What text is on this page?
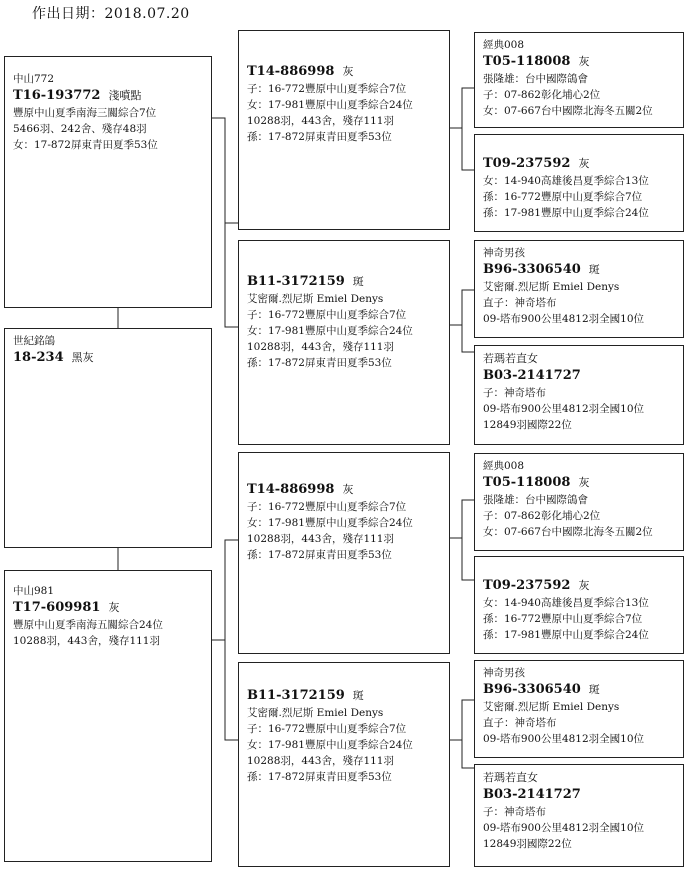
作出日期：2018.07.20
中山772
T16-193772 淺噴點
豐原中山夏季南海三關綜合7位
5466羽、242舍、殘存48羽
女：17-872屏東青田夏季53位
世紀銘鴿
18-234 黑灰
中山981
T17-609981 灰
豐原中山夏季南海五關綜合24位
10288羽，443舍，殘存111羽
T14-886998 灰
子：16-772豐原中山夏季綜合7位
女：17-981豐原中山夏季綜合24位
10288羽，443舍，殘存111羽
孫：17-872屏東青田夏季53位
B11-3172159 斑
艾密爾.烈尼斯 Emiel Denys
子：16-772豐原中山夏季綜合7位
女：17-981豐原中山夏季綜合24位
10288羽，443舍，殘存111羽
孫：17-872屏東青田夏季53位
T14-886998 灰
子：16-772豐原中山夏季綜合7位
女：17-981豐原中山夏季綜合24位
10288羽，443舍，殘存111羽
孫：17-872屏東青田夏季53位
B11-3172159 斑
艾密爾.烈尼斯 Emiel Denys
子：16-772豐原中山夏季綜合7位
女：17-981豐原中山夏季綜合24位
10288羽，443舍，殘存111羽
孫：17-872屏東青田夏季53位
經典008
T05-118008 灰
張隆雄：台中國際鴿會
子：07-862彰化埔心2位
女：07-667台中國際北海冬五關2位
T09-237592 灰
女：14-940高雄後昌夏季綜合13位
孫：16-772豐原中山夏季綜合7位
孫：17-981豐原中山夏季綜合24位
神奇男孩
B96-3306540 斑
艾密爾.烈尼斯 Emiel Denys
直子：神奇塔布
09-塔布900公里4812羽全國10位
若瑪若直女
B03-2141727
子：神奇塔布
09-塔布900公里4812羽全國10位
12849羽國際22位
經典008
T05-118008 灰
張隆雄：台中國際鴿會
子：07-862彰化埔心2位
女：07-667台中國際北海冬五關2位
T09-237592 灰
女：14-940高雄後昌夏季綜合13位
孫：16-772豐原中山夏季綜合7位
孫：17-981豐原中山夏季綜合24位
神奇男孩
B96-3306540 斑
艾密爾.烈尼斯 Emiel Denys
直子：神奇塔布
09-塔布900公里4812羽全國10位
若瑪若直女
B03-2141727
子：神奇塔布
09-塔布900公里4812羽全國10位
12849羽國際22位
